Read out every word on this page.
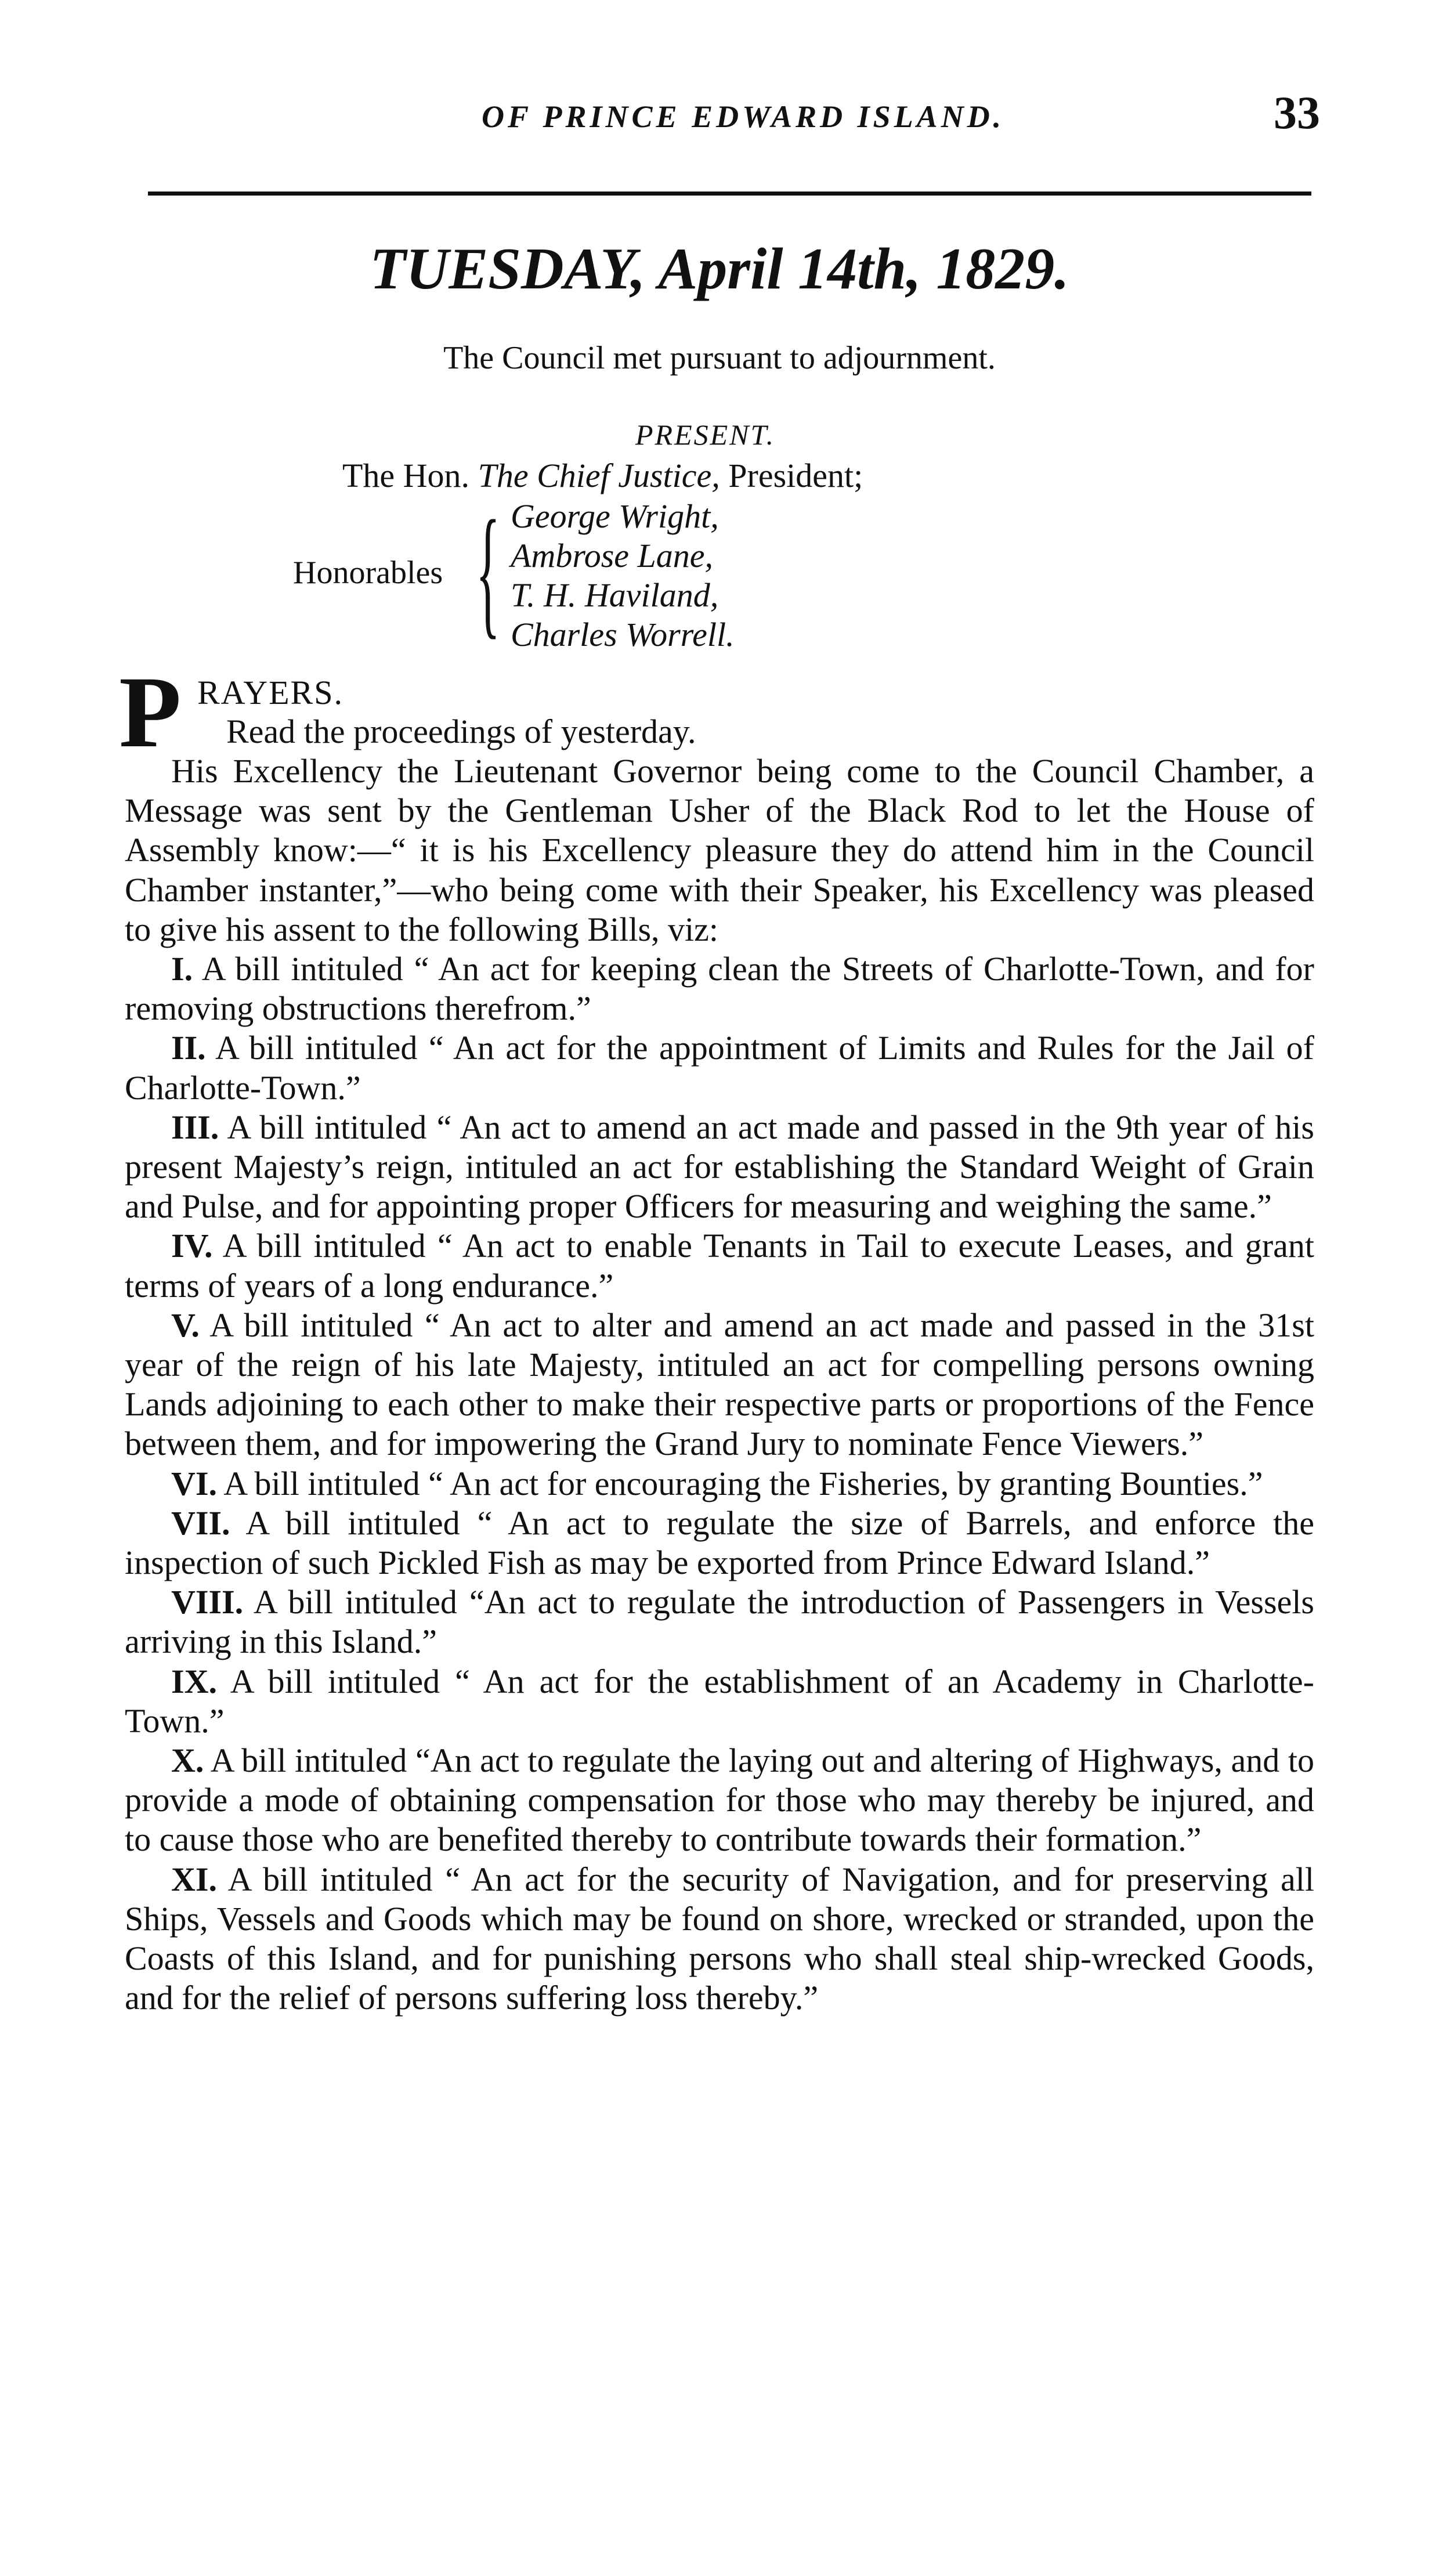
OF PRINCE EDWARD ISLAND.	33
TUESDAY, April 14th, 1829.
The Council met pursuant to adjournment.
PRESENT.
The Hon. The Chief Justice, President;
Honorables { George Wright,
Ambrose Lane,
T. H. Haviland,
Charles Worrell.
P RAYERS.
Read the proceedings of yesterday.

His Excellency the Lieutenant Governor being come to the Council Chamber, a Message was sent by the Gentleman Usher of the Black Rod to let the House of Assembly know:—“ it is his Excellency pleasure they do attend him in the Council Chamber instanter,”—who being come with their Speaker, his Excellency was pleased to give his assent to the following Bills, viz:

I. A bill intituled “ An act for keeping clean the Streets of Charlotte-Town, and for removing obstructions therefrom.”

II. A bill intituled “ An act for the appointment of Limits and Rules for the Jail of Charlotte-Town.”

III. A bill intituled “ An act to amend an act made and passed in the 9th year of his present Majesty’s reign, intituled an act for establishing the Standard Weight of Grain and Pulse, and for appointing proper Officers for measuring and weighing the same.”

IV. A bill intituled “ An act to enable Tenants in Tail to execute Leases, and grant terms of years of a long endurance.”

V. A bill intituled “ An act to alter and amend an act made and passed in the 31st year of the reign of his late Majesty, intituled an act for compelling persons owning Lands adjoining to each other to make their respective parts or proportions of the Fence between them, and for impowering the Grand Jury to nominate Fence Viewers.”

VI. A bill intituled “ An act for encouraging the Fisheries, by granting Bounties.”

VII. A bill intituled “ An act to regulate the size of Barrels, and enforce the inspection of such Pickled Fish as may be exported from Prince Edward Island.”

VIII. A bill intituled “An act to regulate the introduction of Passengers in Vessels arriving in this Island.”

IX. A bill intituled “ An act for the establishment of an Academy in Charlotte-Town.”

X. A bill intituled “An act to regulate the laying out and altering of Highways, and to provide a mode of obtaining compensation for those who may thereby be injured, and to cause those who are benefited thereby to contribute towards their formation.”

XI. A bill intituled “ An act for the security of Navigation, and for preserving all Ships, Vessels and Goods which may be found on shore, wrecked or stranded, upon the Coasts of this Island, and for punishing persons who shall steal ship-wrecked Goods, and for the relief of persons suffering loss thereby.”
